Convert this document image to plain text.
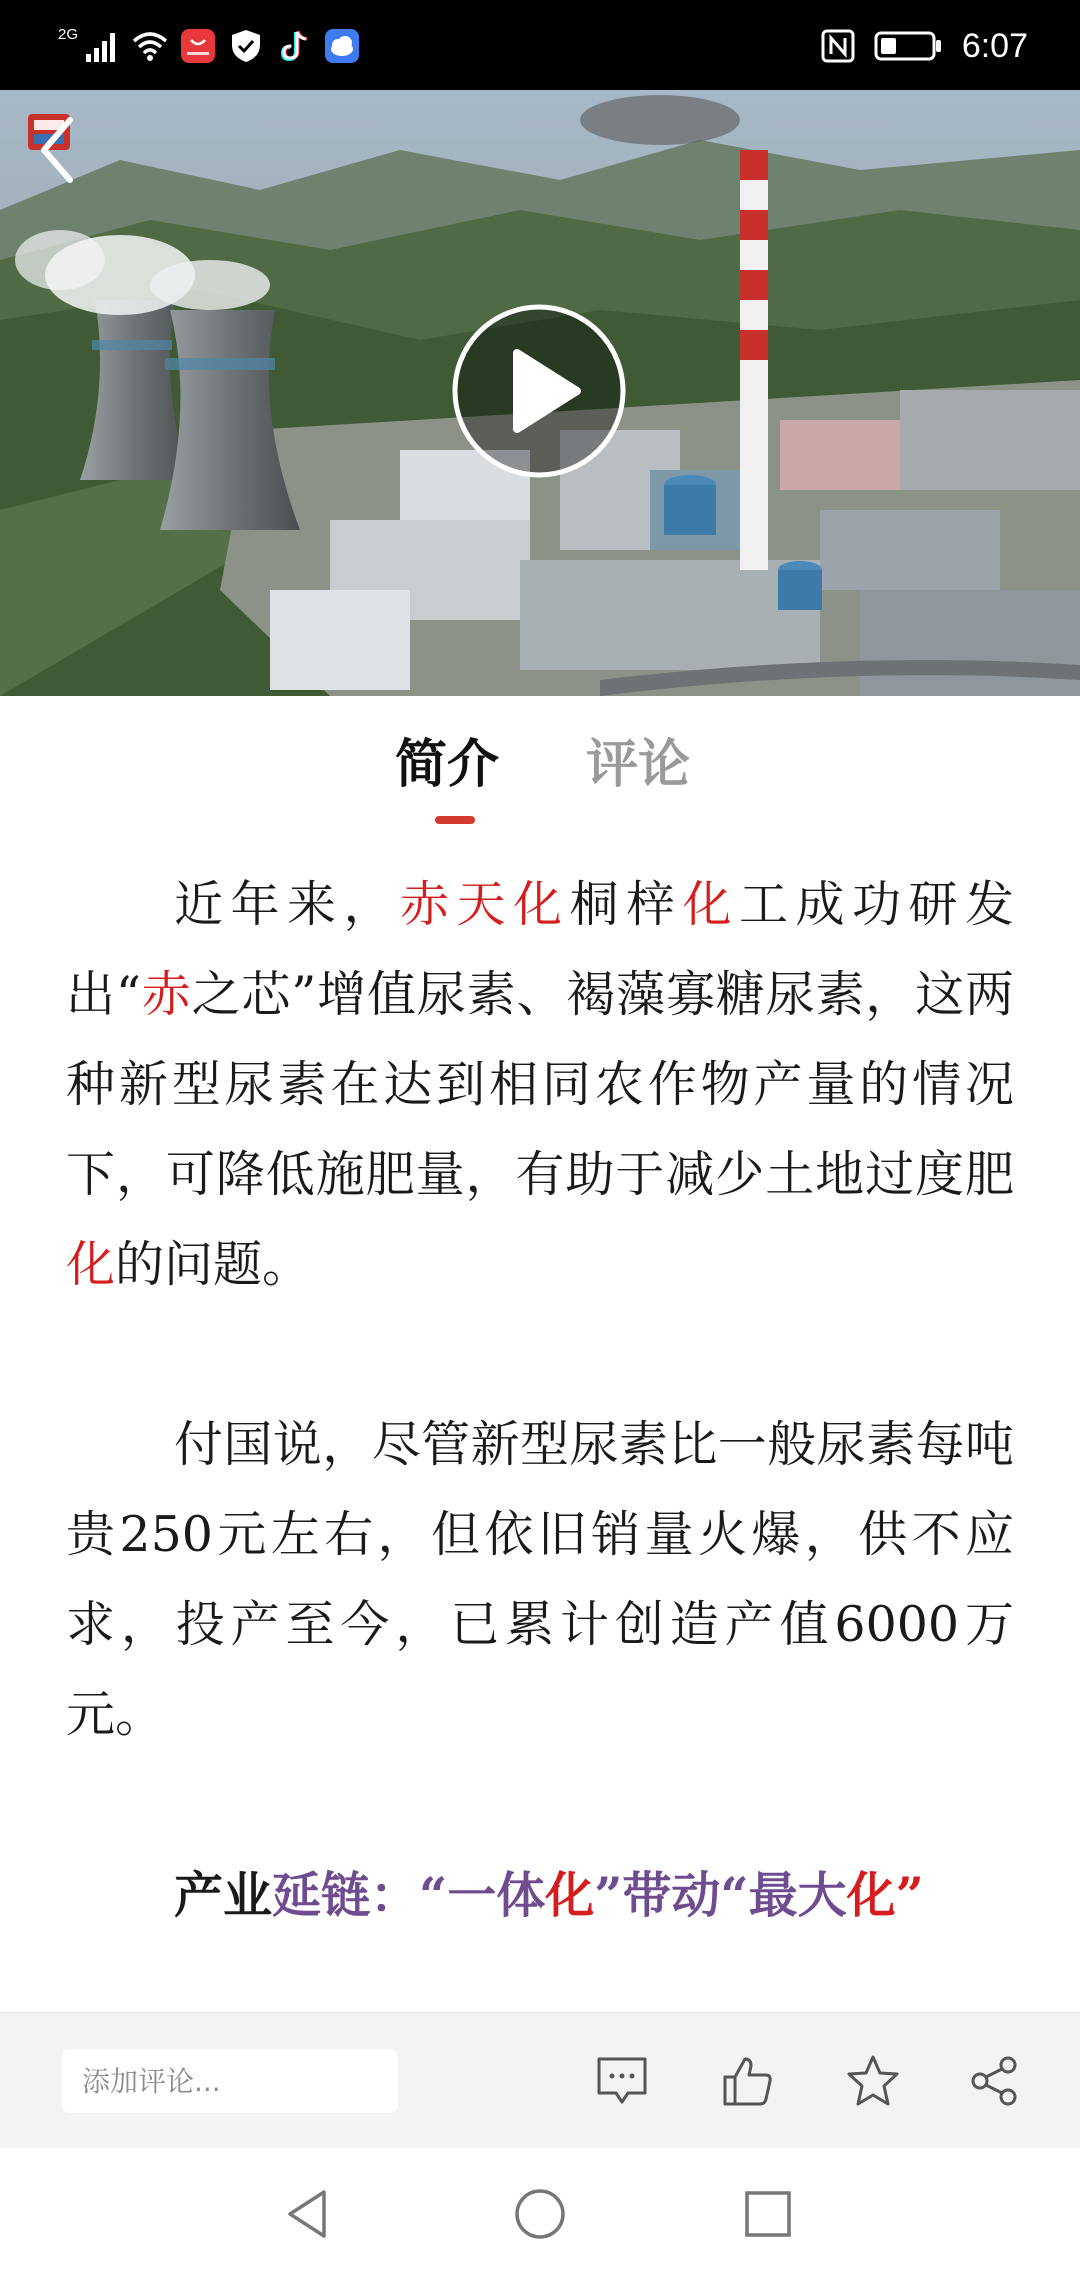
2G	6:07
简介 评论

近年来，赤天化桐梓化工成功研发出“赤之芯”增值尿素、褐藻寡糖尿素，这两种新型尿素在达到相同农作物产量的情况下，可降低施肥量，有助于减少土地过度肥化的问题。

付国说，尽管新型尿素比一般尿素每吨贵250元左右，但依旧销量火爆，供不应求，投产至今，已累计创造产值6000万元。

产业延链：“一体化”带动“最大化”
添加评论...
